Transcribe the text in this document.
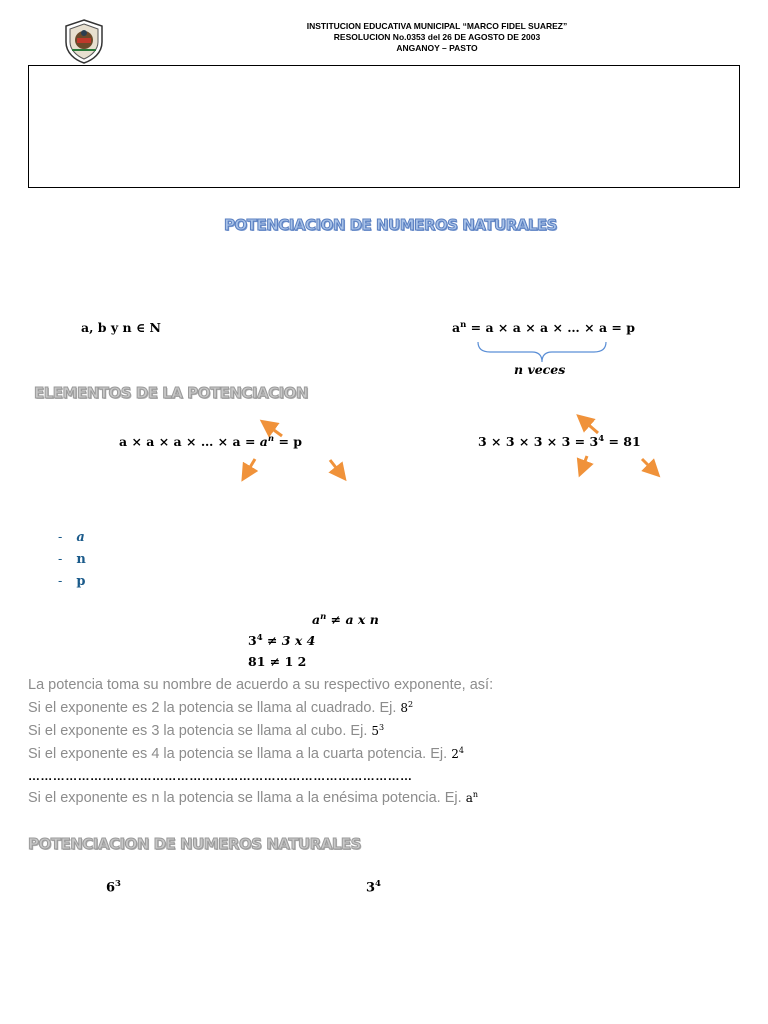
INSTITUCION EDUCATIVA MUNICIPAL “MARCO FIDEL SUAREZ”
RESOLUCION No.0353 del 26 DE AGOSTO DE 2003
ANGANOY – PASTO
POTENCIACION DE NUMEROS NATURALES
a, b y n ∈ N	$a^n = a \times a \times a$ × … × a = p
n veces
ELEMENTOS DE LA POTENCIACION
a × a × a × … × $a = a^n = p$	$3 \times 3 \times 3 \times 3 = 3^4 = 81$
- a
- n
- p
$a^n \ne a$ x n
$3^4 \ne 3$ x 4
81 ≠ 1 2
La potencia toma su nombre de acuerdo a su respectivo exponente, así:
Si el exponente es 2 la potencia se llama al cuadrado. Ej. $8^2$
Si el exponente es 3 la potencia se llama al cubo. Ej. $5^3$
Si el exponente es 4 la potencia se llama a la cuarta potencia. Ej. $2^4$
…………………………………………………………………………………
Si el exponente es n la potencia se llama a la enésima potencia. Ej. $a^n$
POTENCIACION DE NUMEROS NATURALES
$6^3$	$3^4$
